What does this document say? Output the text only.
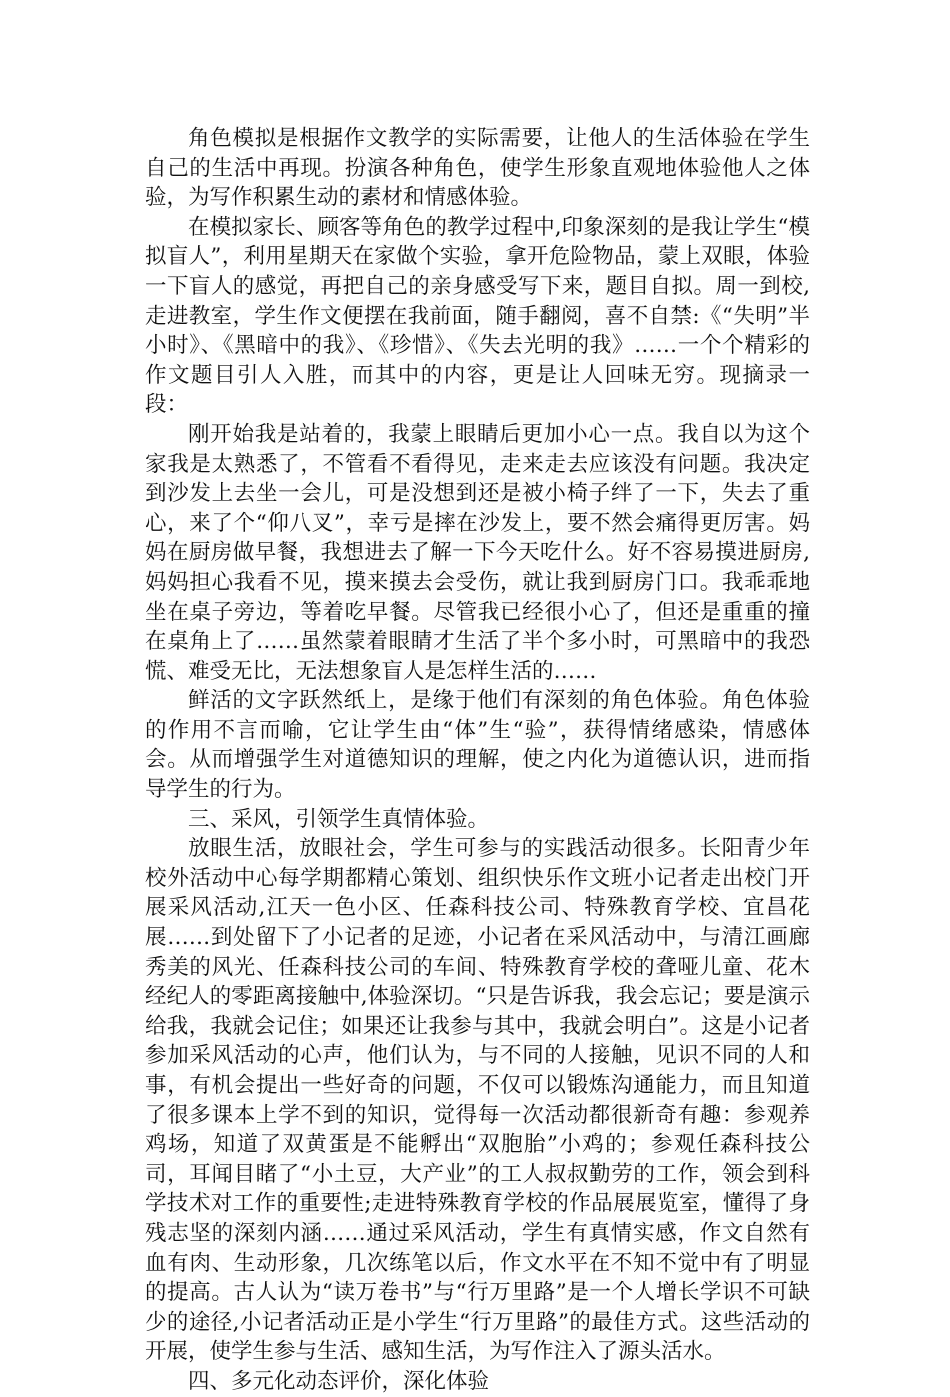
角色模拟是根据作文教学的实际需要，让他人的生活体验在学生自己的生活中再现。扮演各种角色，使学生形象直观地体验他人之体验，为写作积累生动的素材和情感体验。

在模拟家长、顾客等角色的教学过程中,印象深刻的是我让学生“模拟盲人”，利用星期天在家做个实验，拿开危险物品，蒙上双眼，体验一下盲人的感觉，再把自己的亲身感受写下来，题目自拟。周一到校,走进教室，学生作文便摆在我前面，随手翻阅，喜不自禁:《“失明”半小时》、《黑暗中的我》、《珍惜》、《失去光明的我》……一个个精彩的作文题目引人入胜，而其中的内容，更是让人回味无穷。现摘录一段：

刚开始我是站着的，我蒙上眼睛后更加小心一点。我自以为这个家我是太熟悉了，不管看不看得见，走来走去应该没有问题。我决定到沙发上去坐一会儿，可是没想到还是被小椅子绊了一下，失去了重心，来了个“仰八叉”，幸亏是摔在沙发上，要不然会痛得更厉害。妈妈在厨房做早餐，我想进去了解一下今天吃什么。好不容易摸进厨房,妈妈担心我看不见，摸来摸去会受伤，就让我到厨房门口。我乖乖地坐在桌子旁边，等着吃早餐。尽管我已经很小心了，但还是重重的撞在桌角上了……虽然蒙着眼睛才生活了半个多小时，可黑暗中的我恐慌、难受无比，无法想象盲人是怎样生活的……

鲜活的文字跃然纸上，是缘于他们有深刻的角色体验。角色体验的作用不言而喻，它让学生由“体”生“验”，获得情绪感染，情感体会。从而增强学生对道德知识的理解，使之内化为道德认识，进而指导学生的行为。

三、采风，引领学生真情体验。

放眼生活，放眼社会，学生可参与的实践活动很多。长阳青少年校外活动中心每学期都精心策划、组织快乐作文班小记者走出校门开展采风活动,江天一色小区、任森科技公司、特殊教育学校、宜昌花展……到处留下了小记者的足迹，小记者在采风活动中，与清江画廊秀美的风光、任森科技公司的车间、特殊教育学校的聋哑儿童、花木经纪人的零距离接触中,体验深切。“只是告诉我，我会忘记；要是演示给我，我就会记住；如果还让我参与其中，我就会明白”。这是小记者参加采风活动的心声，他们认为，与不同的人接触，见识不同的人和事，有机会提出一些好奇的问题，不仅可以锻炼沟通能力，而且知道了很多课本上学不到的知识，觉得每一次活动都很新奇有趣：参观养鸡场，知道了双黄蛋是不能孵出“双胞胎”小鸡的；参观任森科技公司，耳闻目睹了“小土豆，大产业”的工人叔叔勤劳的工作，领会到科学技术对工作的重要性;走进特殊教育学校的作品展展览室，懂得了身残志坚的深刻内涵……通过采风活动，学生有真情实感，作文自然有血有肉、生动形象，几次练笔以后，作文水平在不知不觉中有了明显的提高。古人认为“读万卷书”与“行万里路”是一个人增长学识不可缺少的途径,小记者活动正是小学生“行万里路”的最佳方式。这些活动的开展，使学生参与生活、感知生活，为写作注入了源头活水。

四、多元化动态评价，深化体验
